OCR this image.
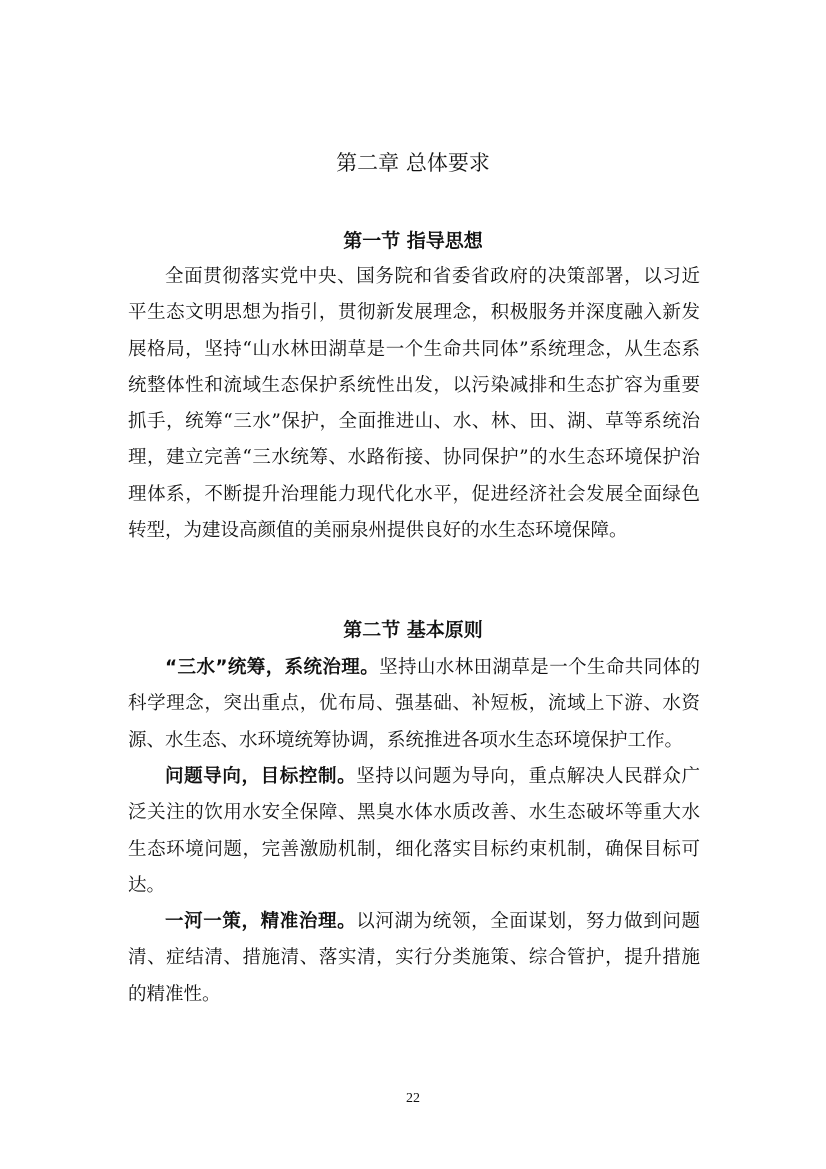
第二章 总体要求
第一节 指导思想

全面贯彻落实党中央、国务院和省委省政府的决策部署，以习近平生态文明思想为指引，贯彻新发展理念，积极服务并深度融入新发展格局，坚持“山水林田湖草是一个生命共同体”系统理念，从生态系统整体性和流域生态保护系统性出发，以污染减排和生态扩容为重要抓手，统筹“三水”保护，全面推进山、水、林、田、湖、草等系统治理，建立完善“三水统筹、水路衔接、协同保护”的水生态环境保护治理体系，不断提升治理能力现代化水平，促进经济社会发展全面绿色转型，为建设高颜值的美丽泉州提供良好的水生态环境保障。

第二节 基本原则

“三水”统筹，系统治理。坚持山水林田湖草是一个生命共同体的科学理念，突出重点，优布局、强基础、补短板，流域上下游、水资源、水生态、水环境统筹协调，系统推进各项水生态环境保护工作。

问题导向，目标控制。坚持以问题为导向，重点解决人民群众广泛关注的饮用水安全保障、黑臭水体水质改善、水生态破坏等重大水生态环境问题，完善激励机制，细化落实目标约束机制，确保目标可达。

一河一策，精准治理。以河湖为统领，全面谋划，努力做到问题清、症结清、措施清、落实清，实行分类施策、综合管护，提升措施的精准性。

22
